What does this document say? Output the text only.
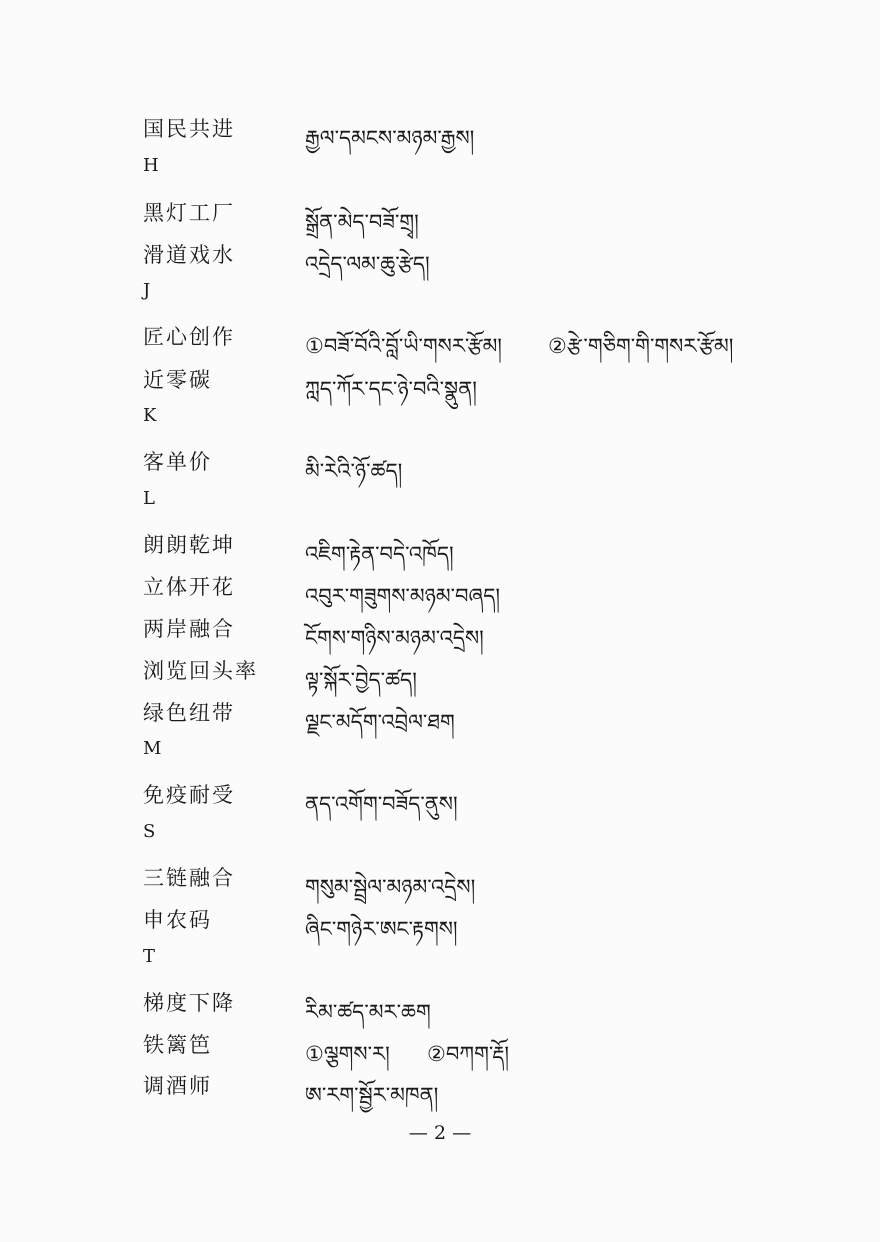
国民共进	རྒྱལ་དམངས་མཉམ་རྒྱས།
H
黑灯工厂	སྒྲོན་མེད་བཟོ་གྲྭ།
滑道戏水	འདྲེད་ལམ་ཆུ་རྩེད།
J
匠心创作	①བཟོ་བོའི་བློ་ཡི་གསར་རྩོམ། ②རྩེ་གཅིག་གི་གསར་རྩོམ།
近零碳	ཀླད་ཀོར་དང་ཉེ་བའི་སྣུན།
K
客单价	མི་རེའི་ཉོ་ཚད།
L
朗朗乾坤	འཇིག་རྟེན་བདེ་འཁོད།
立体开花	འབུར་གཟུགས་མཉམ་བཞད།
两岸融合	ངོགས་གཉིས་མཉམ་འདྲེས།
浏览回头率 ལྟ་སྐོར་བྱེད་ཚད།
绿色纽带	ལྗང་མདོག་འབྲེལ་ཐག
M
免疫耐受	ནད་འགོག་བཟོད་ནུས།
S
三链融合	གསུམ་སྦྲེལ་མཉམ་འདྲེས།
申农码	ཞིང་གཉེར་ཨང་རྟགས།
T
梯度下降	རིམ་ཚད་མར་ཆག
铁篱笆	①ལྕགས་ར། ②བཀག་རྡོ།
调酒师	ཨ་རག་སྦྱོར་མཁན།
— 2 —
